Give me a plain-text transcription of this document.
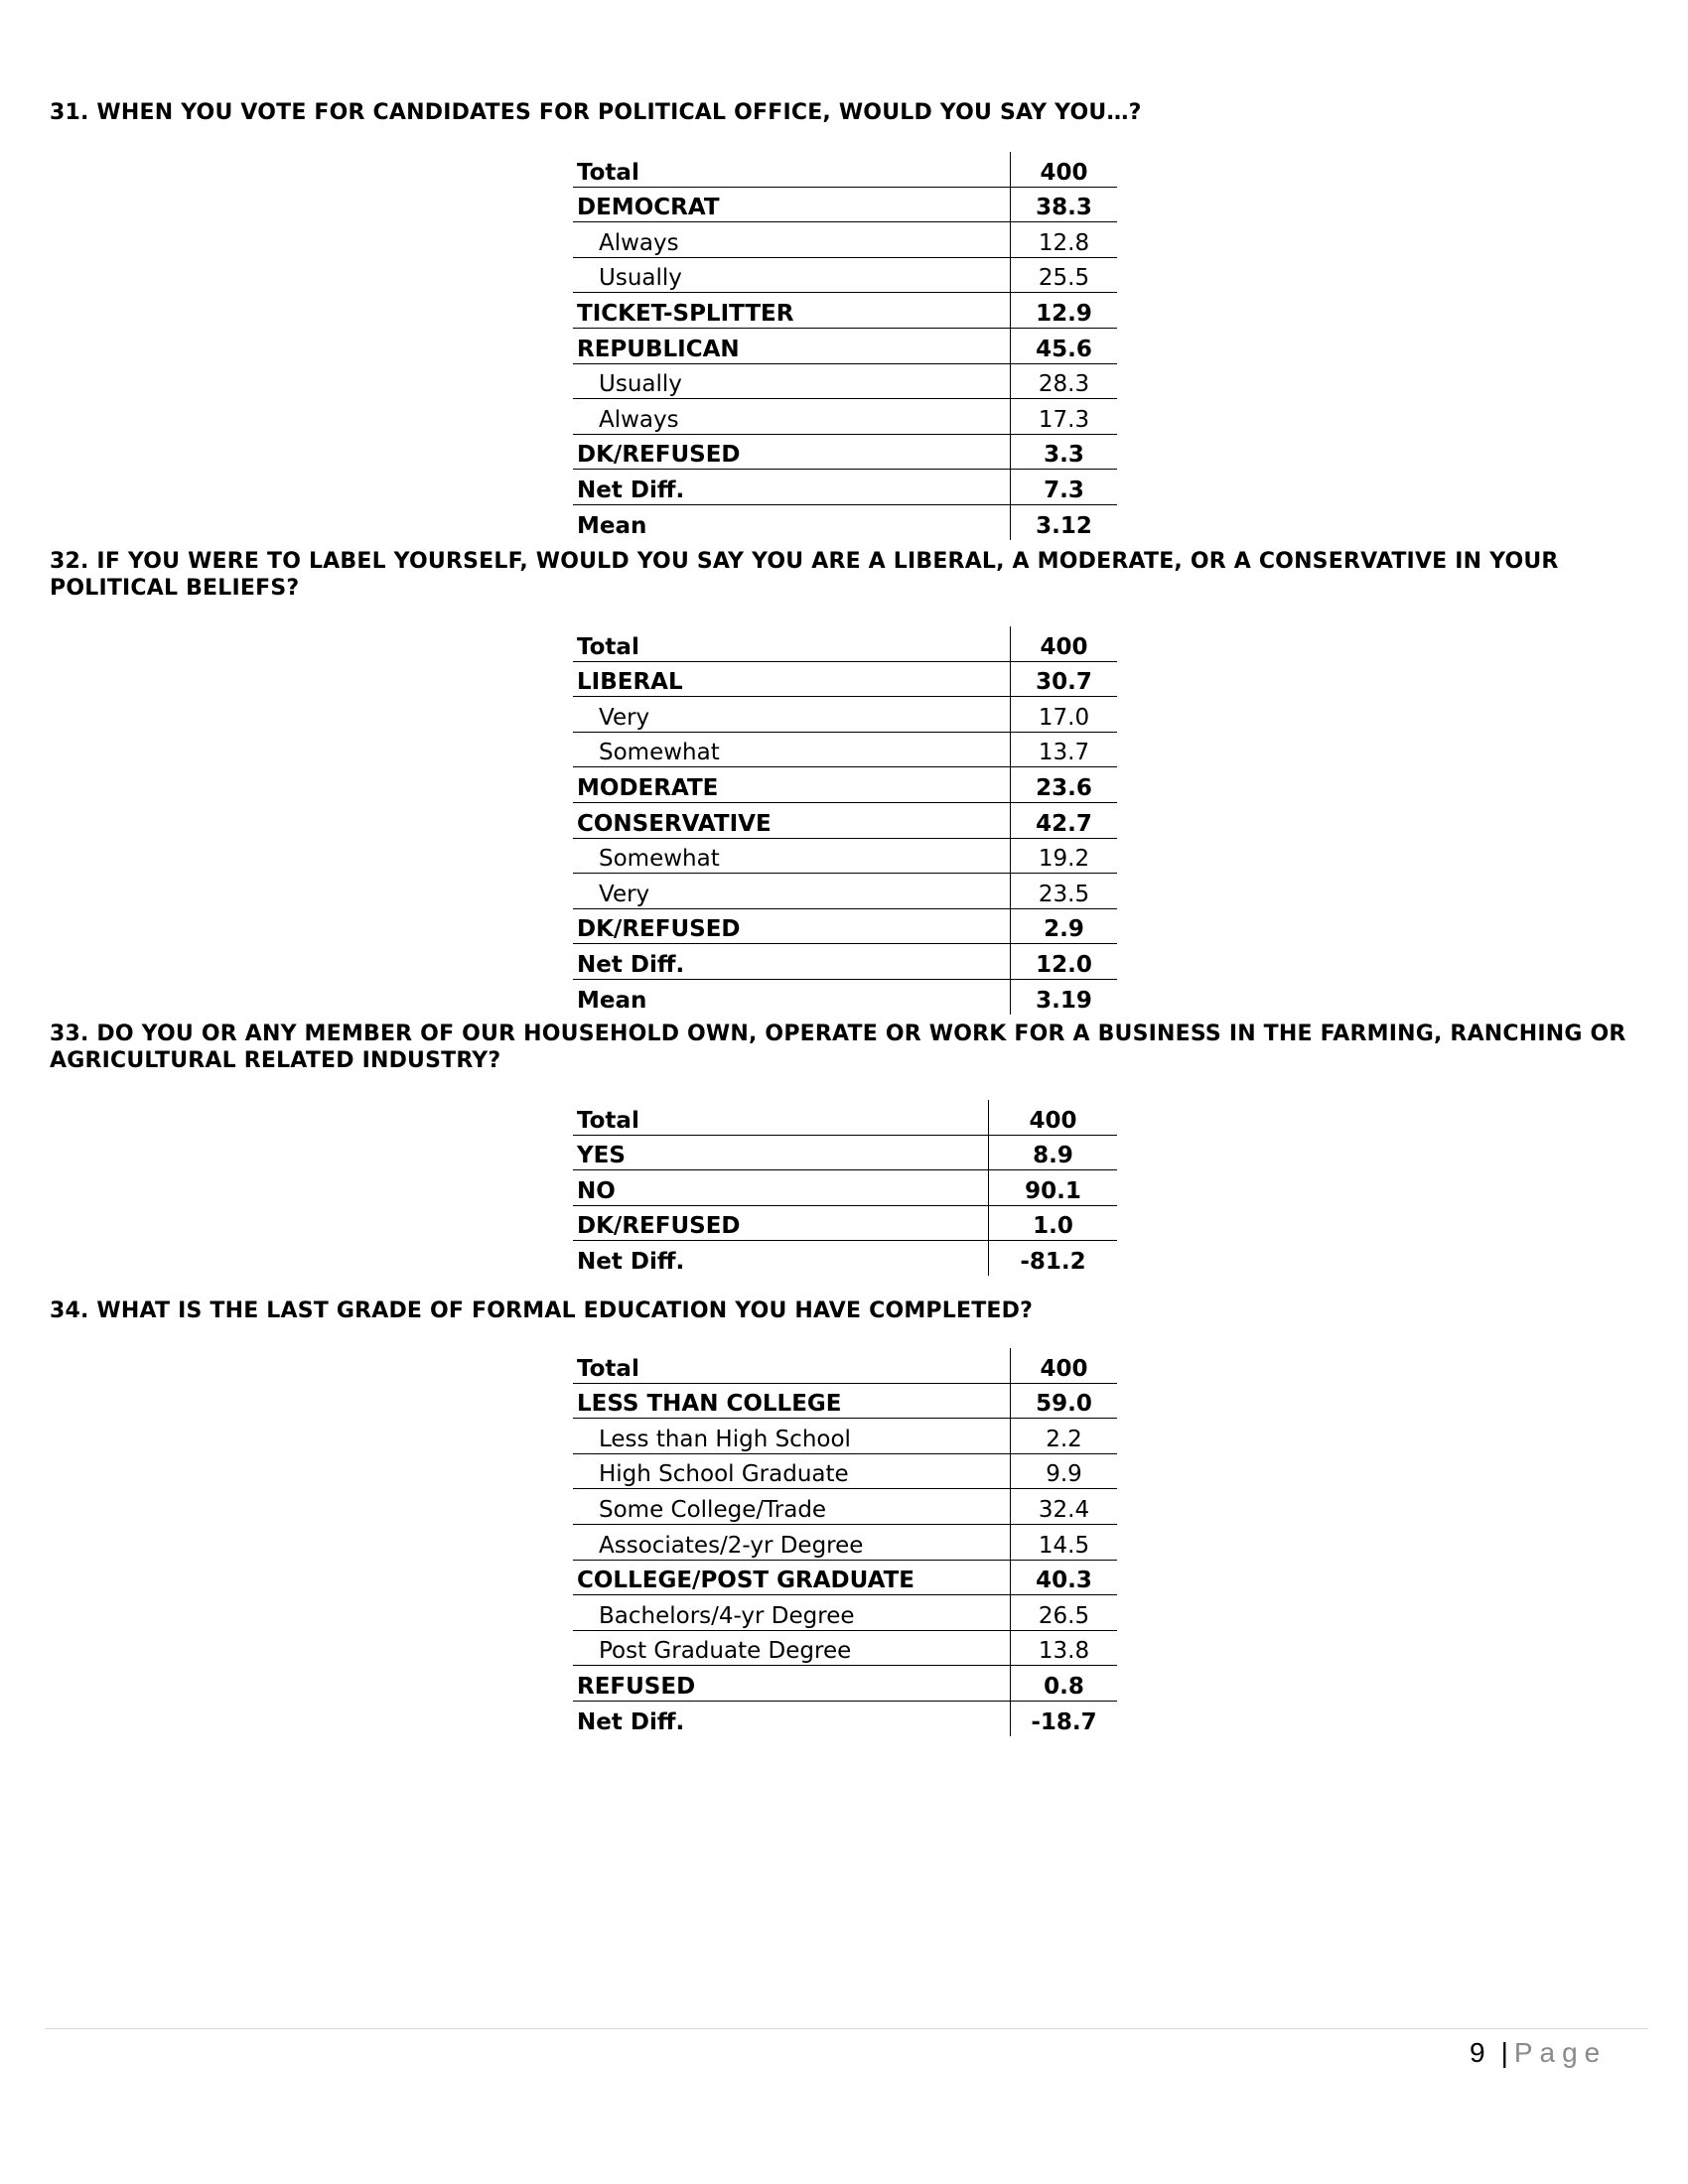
31. WHEN YOU VOTE FOR CANDIDATES FOR POLITICAL OFFICE, WOULD YOU SAY YOU…?
Total	400
DEMOCRAT	38.3
Always	12.8
Usually	25.5
TICKET-SPLITTER	12.9
REPUBLICAN	45.6
Usually	28.3
Always	17.3
DK/REFUSED	3.3
Net Diff.	7.3
Mean	3.12
32. IF YOU WERE TO LABEL YOURSELF, WOULD YOU SAY YOU ARE A LIBERAL, A MODERATE, OR A CONSERVATIVE IN YOUR POLITICAL BELIEFS?
Total	400
LIBERAL	30.7
Very	17.0
Somewhat	13.7
MODERATE	23.6
CONSERVATIVE	42.7
Somewhat	19.2
Very	23.5
DK/REFUSED	2.9
Net Diff.	12.0
Mean	3.19
33. DO YOU OR ANY MEMBER OF OUR HOUSEHOLD OWN, OPERATE OR WORK FOR A BUSINESS IN THE FARMING, RANCHING OR AGRICULTURAL RELATED INDUSTRY?
Total	400
YES	8.9
NO	90.1
DK/REFUSED	1.0
Net Diff.	-81.2
34. WHAT IS THE LAST GRADE OF FORMAL EDUCATION YOU HAVE COMPLETED?
Total	400
LESS THAN COLLEGE	59.0
Less than High School	2.2
High School Graduate	9.9
Some College/Trade	32.4
Associates/2-yr Degree	14.5
COLLEGE/POST GRADUATE	40.3
Bachelors/4-yr Degree	26.5
Post Graduate Degree	13.8
REFUSED	0.8
Net Diff.	-18.7
9 | Page
